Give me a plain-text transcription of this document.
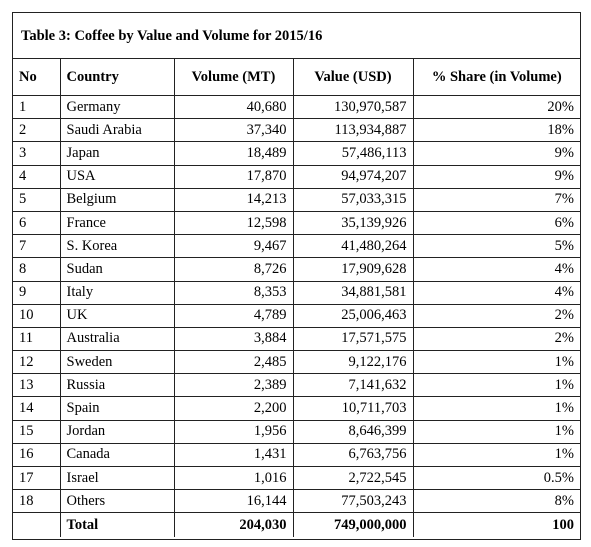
Table 3: Coffee by Value and Volume for 2015/16
No	Country	Volume (MT)	Value (USD)	% Share (in Volume)
1	Germany	40,680	130,970,587	20%
2	Saudi Arabia	37,340	113,934,887	18%
3	Japan	18,489	57,486,113	9%
4	USA	17,870	94,974,207	9%
5	Belgium	14,213	57,033,315	7%
6	France	12,598	35,139,926	6%
7	S. Korea	9,467	41,480,264	5%
8	Sudan	8,726	17,909,628	4%
9	Italy	8,353	34,881,581	4%
10	UK	4,789	25,006,463	2%
11	Australia	3,884	17,571,575	2%
12	Sweden	2,485	9,122,176	1%
13	Russia	2,389	7,141,632	1%
14	Spain	2,200	10,711,703	1%
15	Jordan	1,956	8,646,399	1%
16	Canada	1,431	6,763,756	1%
17	Israel	1,016	2,722,545	0.5%
18	Others	16,144	77,503,243	8%
	Total	204,030	749,000,000	100
